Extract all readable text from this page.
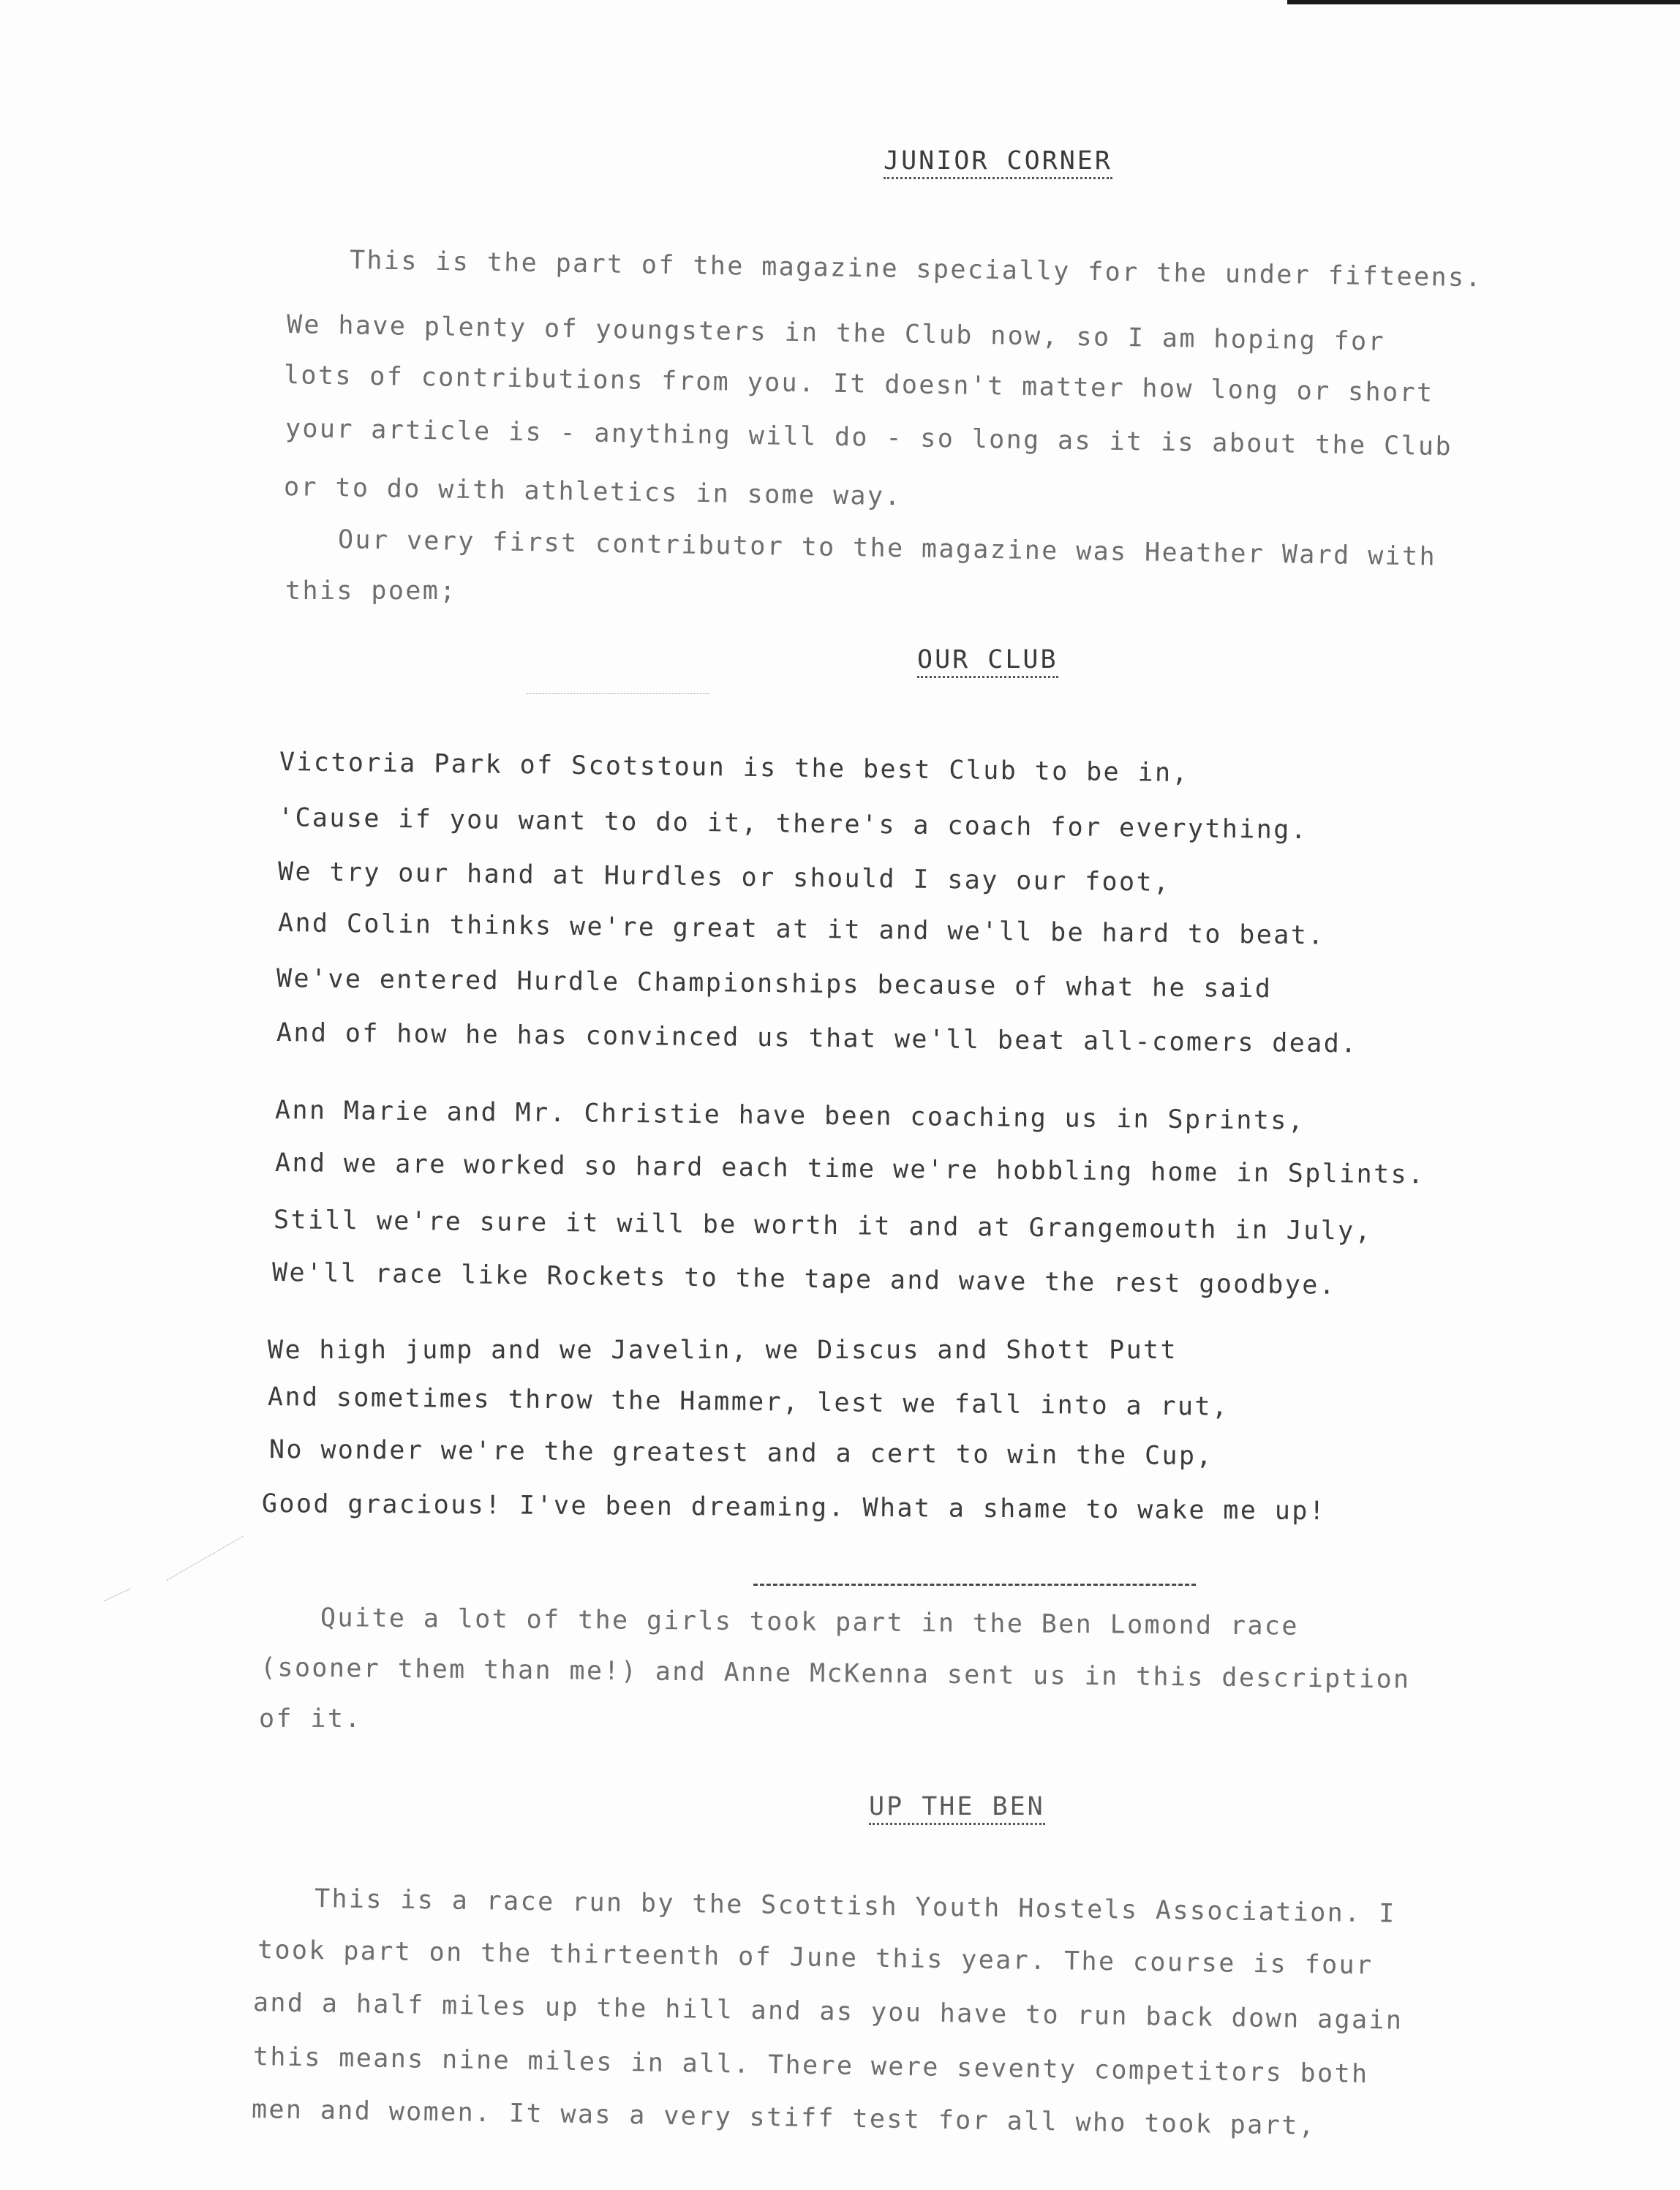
JUNIOR CORNER
This is the part of the magazine specially for the under fifteens.
We have plenty of youngsters in the Club now, so I am hoping for
lots of contributions from you. It doesn't matter how long or short
your article is - anything will do - so long as it is about the Club
or to do with athletics in some way.
Our very first contributor to the magazine was Heather Ward with
this poem;
OUR CLUB
Victoria Park of Scotstoun is the best Club to be in,
'Cause if you want to do it, there's a coach for everything.
We try our hand at Hurdles or should I say our foot,
And Colin thinks we're great at it and we'll be hard to beat.
We've entered Hurdle Championships because of what he said
And of how he has convinced us that we'll beat all-comers dead.
Ann Marie and Mr. Christie have been coaching us in Sprints,
And we are worked so hard each time we're hobbling home in Splints.
Still we're sure it will be worth it and at Grangemouth in July,
We'll race like Rockets to the tape and wave the rest goodbye.
We high jump and we Javelin, we Discus and Shott Putt
And sometimes throw the Hammer, lest we fall into a rut,
No wonder we're the greatest and a cert to win the Cup,
Good gracious! I've been dreaming. What a shame to wake me up!
Quite a lot of the girls took part in the Ben Lomond race
(sooner them than me!) and Anne McKenna sent us in this description
of it.
UP THE BEN
This is a race run by the Scottish Youth Hostels Association. I
took part on the thirteenth of June this year. The course is four
and a half miles up the hill and as you have to run back down again
this means nine miles in all. There were seventy competitors both
men and women. It was a very stiff test for all who took part,
